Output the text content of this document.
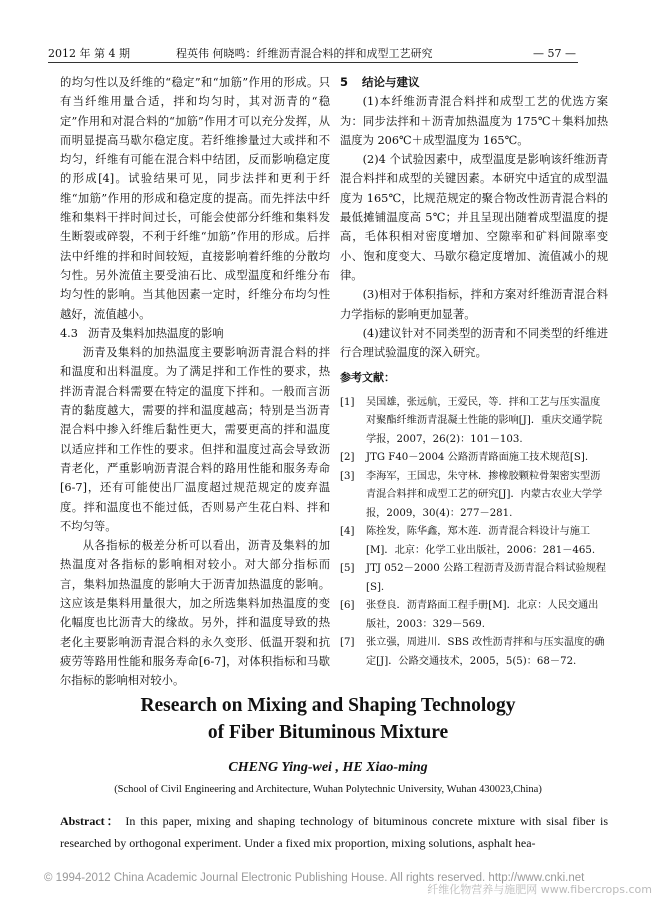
2012 年 第 4 期	程英伟 何晓鸣：纤维沥青混合料的拌和成型工艺研究	— 57 —

的均匀性以及纤维的“稳定”和“加筋”作用的形成。只有当纤维用量合适，拌和均匀时，其对沥青的“稳定”作用和对混合料的“加筋”作用才可以充分发挥，从而明显提高马歇尔稳定度。若纤维掺量过大或拌和不均匀，纤维有可能在混合料中结团，反而影响稳定度的形成[4]。试验结果可见，同步法拌和更利于纤维“加筋”作用的形成和稳定度的提高。而先拌法中纤维和集料干拌时间过长，可能会使部分纤维和集料发生断裂或碎裂，不利于纤维“加筋”作用的形成。后拌法中纤维的拌和时间较短，直接影响着纤维的分散均匀性。另外流值主要受油石比、成型温度和纤维分布均匀性的影响。当其他因素一定时，纤维分布均匀性越好，流值越小。

4.3 沥青及集料加热温度的影响

沥青及集料的加热温度主要影响沥青混合料的拌和温度和出料温度。为了满足拌和工作性的要求，热拌沥青混合料需要在特定的温度下拌和。一般而言沥青的黏度越大，需要的拌和温度越高；特别是当沥青混合料中掺入纤维后黏性更大，需要更高的拌和温度以适应拌和工作性的要求。但拌和温度过高会导致沥青老化，严重影响沥青混合料的路用性能和服务寿命[6-7]，还有可能使出厂温度超过规范规定的废弃温度。拌和温度也不能过低，否则易产生花白料、拌和不均匀等。

从各指标的极差分析可以看出，沥青及集料的加热温度对各指标的影响相对较小。对大部分指标而言，集料加热温度的影响大于沥青加热温度的影响。这应该是集料用量很大，加之所选集料加热温度的变化幅度也比沥青大的缘故。另外，拌和温度导致的热老化主要影响沥青混合料的永久变形、低温开裂和抗疲劳等路用性能和服务寿命[6-7]，对体积指标和马歇尔指标的影响相对较小。

5 结论与建议

(1)本纤维沥青混合料拌和成型工艺的优选方案为：同步法拌和＋沥青加热温度为 175℃＋集料加热温度为 206℃＋成型温度为 165℃。

(2)4 个试验因素中，成型温度是影响该纤维沥青混合料拌和成型的关键因素。本研究中适宜的成型温度为 165℃，比规范规定的聚合物改性沥青混合料的最低摊铺温度高 5℃；并且呈现出随着成型温度的提高，毛体积相对密度增加、空隙率和矿料间隙率变小、饱和度变大、马歇尔稳定度增加、流值减小的规律。

(3)相对于体积指标，拌和方案对纤维沥青混合料力学指标的影响更加显著。

(4)建议针对不同类型的沥青和不同类型的纤维进行合理试验温度的深入研究。

参考文献：

[1]	吴国雄，张远航，王爱民，等．拌和工艺与压实温度对聚酯纤维沥青混凝土性能的影响[J]．重庆交通学院学报，2007，26(2)：101－103.
[2]	JTG F40－2004 公路沥青路面施工技术规范[S].
[3]	李海军，王国忠，朱守林．掺橡胶颗粒骨架密实型沥青混合料拌和成型工艺的研究[J]．内蒙古农业大学学报，2009，30(4)：277－281.
[4]	陈拴发，陈华鑫，郑木莲．沥青混合料设计与施工[M]．北京：化学工业出版社，2006：281－465.
[5]	JTJ 052－2000 公路工程沥青及沥青混合料试验规程[S].
[6]	张登良．沥青路面工程手册[M]．北京：人民交通出版社，2003：329－569.
[7]	张立强，周进川．SBS 改性沥青拌和与压实温度的确定[J]．公路交通技术，2005，5(5)：68－72.
Research on Mixing and Shaping Technology
of Fiber Bituminous Mixture
CHENG Ying-wei , HE Xiao-ming
(School of Civil Engineering and Architecture, Wuhan Polytechnic University, Wuhan 430023,China)
Abstract： In this paper, mixing and shaping technology of bituminous concrete mixture with sisal fiber is researched by orthogonal experiment. Under a fixed mix proportion, mixing solutions, asphalt hea-
© 1994-2012 China Academic Journal Electronic Publishing House. All rights reserved. http://www.cnki.net
纤维化物营养与施肥网 www.fibercrops.com
